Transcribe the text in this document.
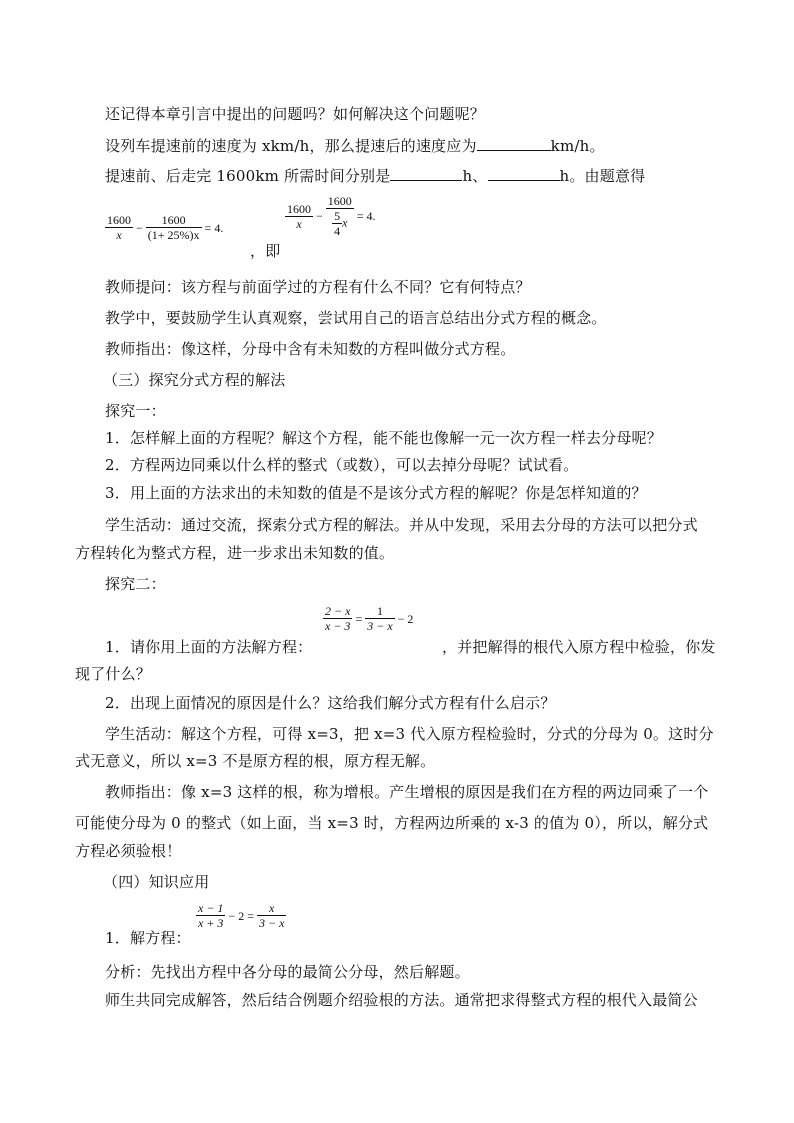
还记得本章引言中提出的问题吗？如何解决这个问题呢？
设列车提速前的速度为 xkm/h，那么提速后的速度应为	km/h。
提速前、后走完 1600km 所需时间分别是	h、	h。由题意得
$\frac{1600}{x} - \frac{1600}{(1+ 25\%)x} = 4$.
，即
$\frac{1600}{x} - \frac{1600}{\frac{5}{4} x} = 4$.
教师提问：该方程与前面学过的方程有什么不同？它有何特点？
教学中，要鼓励学生认真观察，尝试用自己的语言总结出分式方程的概念。
教师指出：像这样，分母中含有未知数的方程叫做分式方程。
（三）探究分式方程的解法
探究一：
1．怎样解上面的方程呢？解这个方程，能不能也像解一元一次方程一样去分母呢？
2．方程两边同乘以什么样的整式（或数），可以去掉分母呢？试试看。
3．用上面的方法求出的未知数的值是不是该分式方程的解呢？你是怎样知道的？
学生活动：通过交流，探索分式方程的解法。并从中发现，采用去分母的方法可以把分式
方程转化为整式方程，进一步求出未知数的值。
探究二：
1．请你用上面的方法解方程：
$\frac{2 - x}{x - 3} = \frac{1}{3 - x} - 2$
，并把解得的根代入原方程中检验，你发
现了什么？
2．出现上面情况的原因是什么？这给我们解分式方程有什么启示？
学生活动：解这个方程，可得 x=3，把 x=3 代入原方程检验时，分式的分母为 0。这时分
式无意义，所以 x=3 不是原方程的根，原方程无解。
教师指出：像 x=3 这样的根，称为增根。产生增根的原因是我们在方程的两边同乘了一个
可能使分母为 0 的整式（如上面，当 x=3 时，方程两边所乘的 x-3 的值为 0），所以，解分式
方程必须验根！
（四）知识应用
1．解方程：
$\frac{x - 1}{x + 3} - 2 = \frac{x}{3 - x}$
分析：先找出方程中各分母的最简公分母，然后解题。
师生共同完成解答，然后结合例题介绍验根的方法。通常把求得整式方程的根代入最简公
